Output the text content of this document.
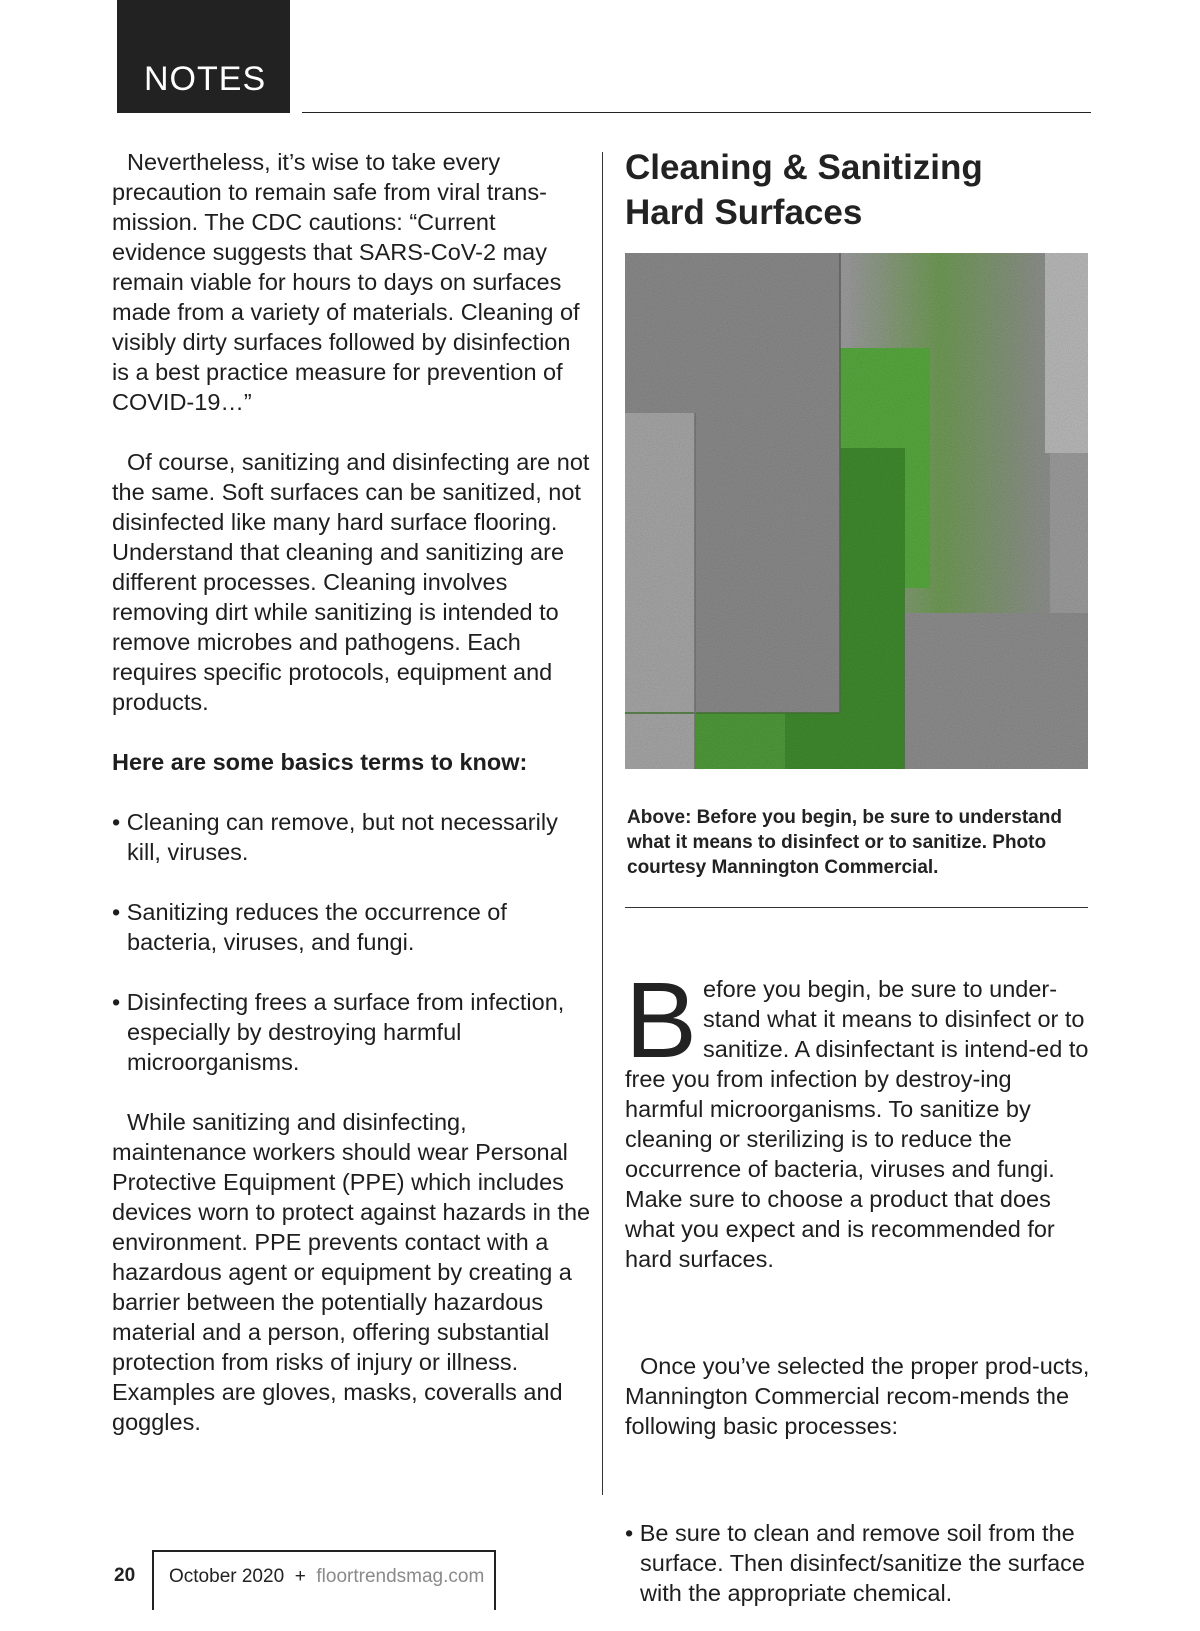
NOTES

Nevertheless, it’s wise to take every precaution to remain safe from viral trans-mission. The CDC cautions: “Current evidence suggests that SARS-CoV-2 may remain viable for hours to days on surfaces made from a variety of materials. Cleaning of visibly dirty surfaces followed by disinfection is a best practice measure for prevention of COVID-19…”

Of course, sanitizing and disinfecting are not the same. Soft surfaces can be sanitized, not disinfected like many hard surface flooring. Understand that cleaning and sanitizing are different processes. Cleaning involves removing dirt while sanitizing is intended to remove microbes and pathogens. Each requires specific protocols, equipment and products.

Here are some basics terms to know:

• Cleaning can remove, but not necessarily kill, viruses.

• Sanitizing reduces the occurrence of bacteria, viruses, and fungi.

• Disinfecting frees a surface from infection, especially by destroying harmful microorganisms.

While sanitizing and disinfecting, maintenance workers should wear Personal Protective Equipment (PPE) which includes devices worn to protect against hazards in the environment. PPE prevents contact with a hazardous agent or equipment by creating a barrier between the potentially hazardous material and a person, offering substantial protection from risks of injury or illness. Examples are gloves, masks, coveralls and goggles.

Cleaning & Sanitizing

Hard Surfaces

Above: Before you begin, be sure to understand what it means to disinfect or to sanitize. Photo courtesy Mannington Commercial.

Before you begin, be sure to under-stand what it means to disinfect or to sanitize. A disinfectant is intend-ed to free you from infection by destroy-ing harmful microorganisms. To sanitize by cleaning or sterilizing is to reduce the occurrence of bacteria, viruses and fungi. Make sure to choose a product that does what you expect and is recommended for hard surfaces.

Once you’ve selected the proper prod-ucts, Mannington Commercial recom-mends the following basic processes:

• Be sure to clean and remove soil from the surface. Then disinfect/sanitize the surface with the appropriate chemical.

20 October 2020 + floortrendsmag.com
